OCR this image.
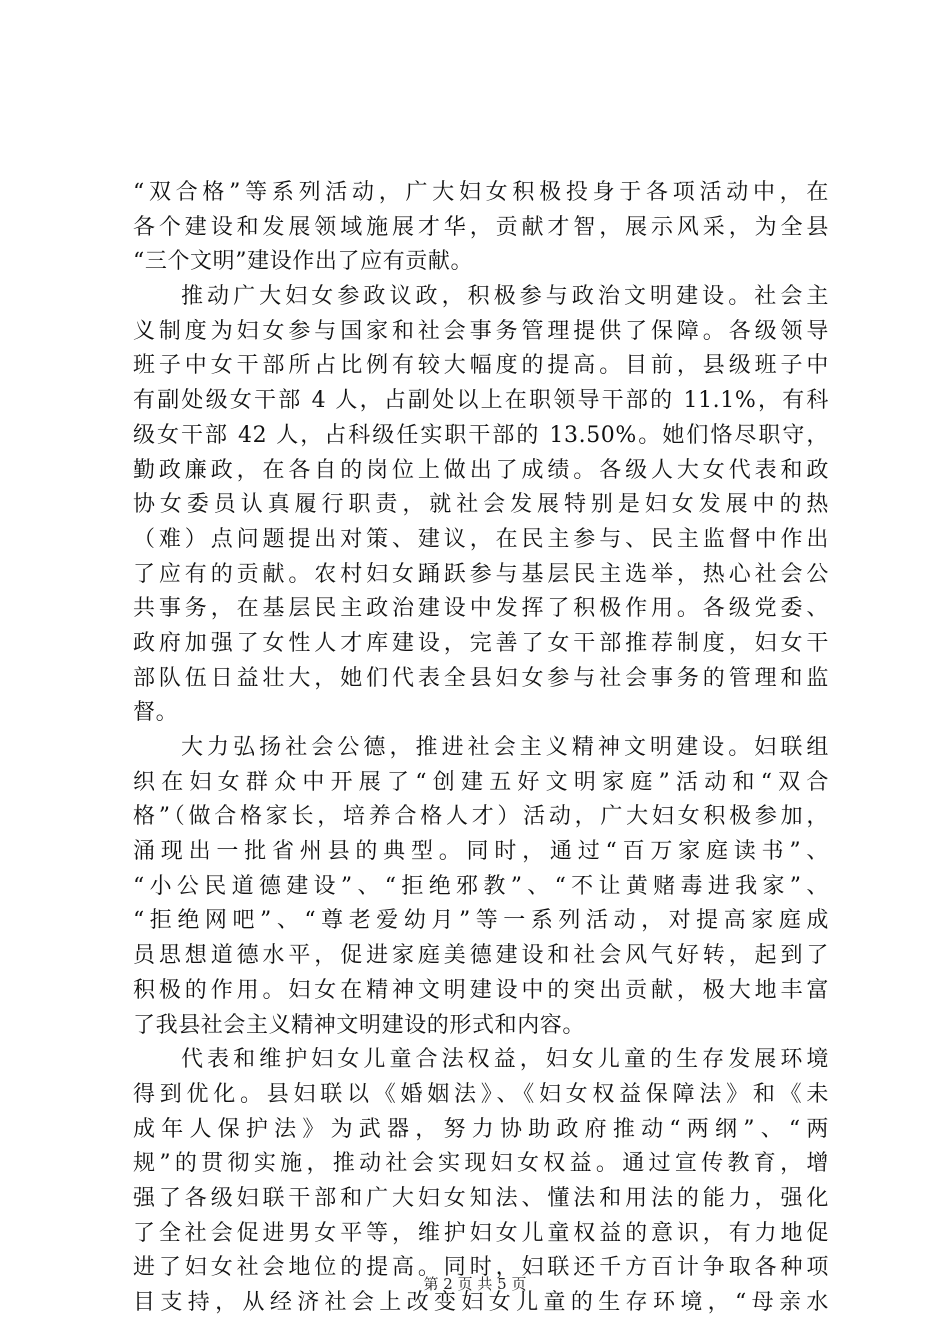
“双合格”等系列活动，广大妇女积极投身于各项活动中，在
各个建设和发展领域施展才华，贡献才智，展示风采，为全县
“三个文明”建设作出了应有贡献。
推动广大妇女参政议政，积极参与政治文明建设。社会主
义制度为妇女参与国家和社会事务管理提供了保障。各级领导
班子中女干部所占比例有较大幅度的提高。目前，县级班子中
有副处级女干部 4 人，占副处以上在职领导干部的 11.1%，有科
级女干部 42 人，占科级任实职干部的 13.50%。她们恪尽职守，
勤政廉政，在各自的岗位上做出了成绩。各级人大女代表和政
协女委员认真履行职责，就社会发展特别是妇女发展中的热
（难）点问题提出对策、建议，在民主参与、民主监督中作出
了应有的贡献。农村妇女踊跃参与基层民主选举，热心社会公
共事务，在基层民主政治建设中发挥了积极作用。各级党委、
政府加强了女性人才库建设，完善了女干部推荐制度，妇女干
部队伍日益壮大，她们代表全县妇女参与社会事务的管理和监
督。
大力弘扬社会公德，推进社会主义精神文明建设。妇联组
织在妇女群众中开展了“创建五好文明家庭”活动和“双合
格”（做合格家长，培养合格人才）活动，广大妇女积极参加，
涌现出一批省州县的典型。同时，通过“百万家庭读书”、
“小公民道德建设”、“拒绝邪教”、“不让黄赌毒进我家”、
“拒绝网吧”、“尊老爱幼月”等一系列活动，对提高家庭成
员思想道德水平，促进家庭美德建设和社会风气好转，起到了
积极的作用。妇女在精神文明建设中的突出贡献，极大地丰富
了我县社会主义精神文明建设的形式和内容。
代表和维护妇女儿童合法权益，妇女儿童的生存发展环境
得到优化。县妇联以《婚姻法》、《妇女权益保障法》和《未
成年人保护法》为武器，努力协助政府推动“两纲”、“两
规”的贯彻实施，推动社会实现妇女权益。通过宣传教育，增
强了各级妇联干部和广大妇女知法、懂法和用法的能力，强化
了全社会促进男女平等，维护妇女儿童权益的意识，有力地促
进了妇女社会地位的提高。同时，妇联还千方百计争取各种项
目支持，从经济社会上改变妇女儿童的生存环境，“母亲水
第 2 页 共 5 页
